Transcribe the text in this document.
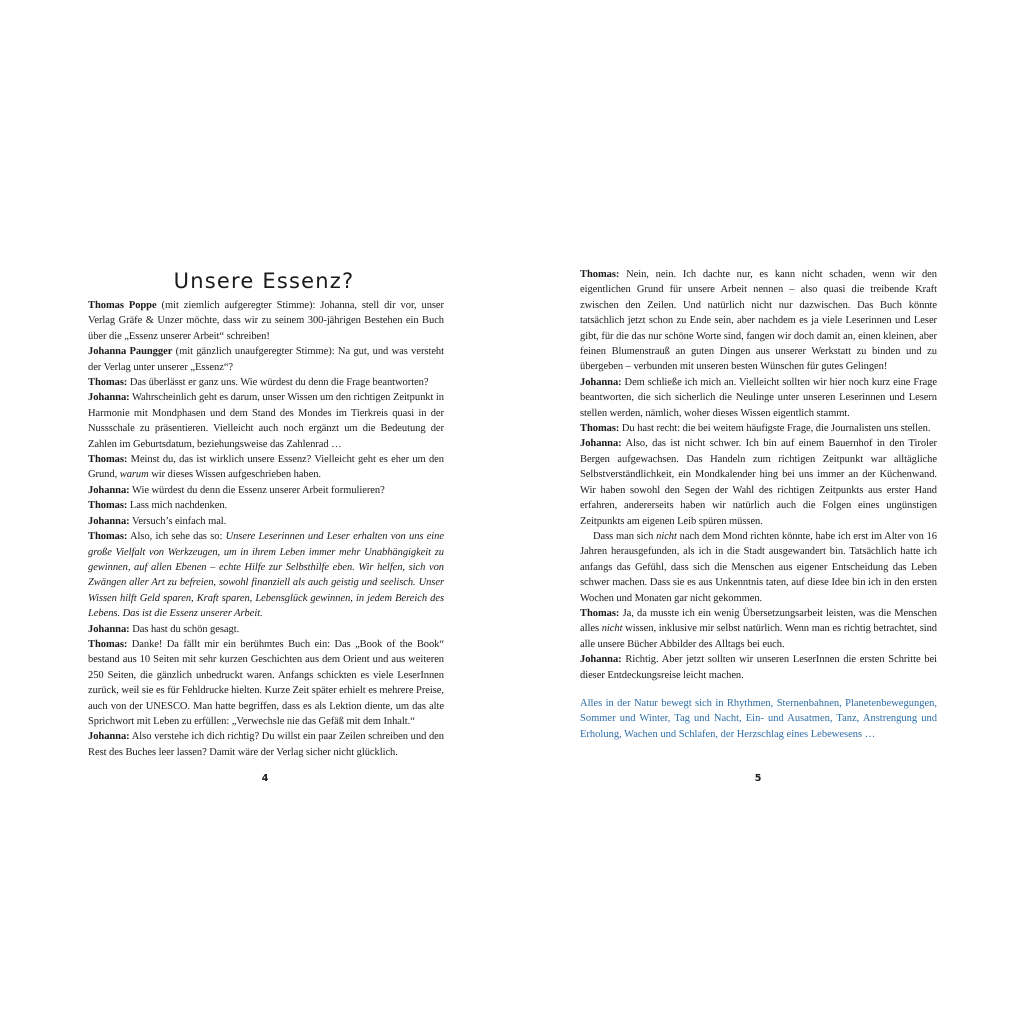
Unsere Essenz?

Thomas Poppe (mit ziemlich aufgeregter Stimme): Johanna, stell dir vor, unser Verlag Gräfe & Unzer möchte, dass wir zu seinem 300-jährigen Bestehen ein Buch über die „Essenz unserer Arbeit“ schreiben!

Johanna Paungger (mit gänzlich unaufgeregter Stimme): Na gut, und was versteht der Verlag unter unserer „Essenz“?

Thomas: Das überlässt er ganz uns. Wie würdest du denn die Frage beantworten?

Johanna: Wahrscheinlich geht es darum, unser Wissen um den richtigen Zeitpunkt in Harmonie mit Mondphasen und dem Stand des Mondes im Tierkreis quasi in der Nussschale zu präsentieren. Vielleicht auch noch ergänzt um die Bedeutung der Zahlen im Geburtsdatum, beziehungsweise das Zahlenrad …

Thomas: Meinst du, das ist wirklich unsere Essenz? Vielleicht geht es eher um den Grund, warum wir dieses Wissen aufgeschrieben haben.

Johanna: Wie würdest du denn die Essenz unserer Arbeit formulieren?

Thomas: Lass mich nachdenken.

Johanna: Versuch’s einfach mal.

Thomas: Also, ich sehe das so: Unsere Leserinnen und Leser erhalten von uns eine große Vielfalt von Werkzeugen, um in ihrem Leben immer mehr Unabhängigkeit zu gewinnen, auf allen Ebenen – echte Hilfe zur Selbsthilfe eben. Wir helfen, sich von Zwängen aller Art zu befreien, sowohl finanziell als auch geistig und seelisch. Unser Wissen hilft Geld sparen, Kraft sparen, Lebensglück gewinnen, in jedem Bereich des Lebens. Das ist die Essenz unserer Arbeit.

Johanna: Das hast du schön gesagt.

Thomas: Danke! Da fällt mir ein berühmtes Buch ein: Das „Book of the Book“ bestand aus 10 Seiten mit sehr kurzen Geschichten aus dem Orient und aus weiteren 250 Seiten, die gänzlich unbedruckt waren. Anfangs schickten es viele LeserInnen zurück, weil sie es für Fehldrucke hielten. Kurze Zeit später erhielt es mehrere Preise, auch von der UNESCO. Man hatte begriffen, dass es als Lektion diente, um das alte Sprichwort mit Leben zu erfüllen: „Verwechsle nie das Gefäß mit dem Inhalt.“

Johanna: Also verstehe ich dich richtig? Du willst ein paar Zeilen schreiben und den Rest des Buches leer lassen? Damit wäre der Verlag sicher nicht glücklich.

4

Thomas: Nein, nein. Ich dachte nur, es kann nicht schaden, wenn wir den eigentlichen Grund für unsere Arbeit nennen – also quasi die treibende Kraft zwischen den Zeilen. Und natürlich nicht nur dazwischen. Das Buch könnte tatsächlich jetzt schon zu Ende sein, aber nachdem es ja viele Leserinnen und Leser gibt, für die das nur schöne Worte sind, fangen wir doch damit an, einen kleinen, aber feinen Blumenstrauß an guten Dingen aus unserer Werkstatt zu binden und zu übergeben – verbunden mit unseren besten Wünschen für gutes Gelingen!

Johanna: Dem schließe ich mich an. Vielleicht sollten wir hier noch kurz eine Frage beantworten, die sich sicherlich die Neulinge unter unseren Leserinnen und Lesern stellen werden, nämlich, woher dieses Wissen eigentlich stammt.

Thomas: Du hast recht: die bei weitem häufigste Frage, die Journalisten uns stellen.

Johanna: Also, das ist nicht schwer. Ich bin auf einem Bauernhof in den Tiroler Bergen aufgewachsen. Das Handeln zum richtigen Zeitpunkt war alltägliche Selbstverständlichkeit, ein Mondkalender hing bei uns immer an der Küchenwand. Wir haben sowohl den Segen der Wahl des richtigen Zeitpunkts aus erster Hand erfahren, andererseits haben wir natürlich auch die Folgen eines ungünstigen Zeitpunkts am eigenen Leib spüren müssen.

Dass man sich nicht nach dem Mond richten könnte, habe ich erst im Alter von 16 Jahren herausgefunden, als ich in die Stadt ausgewandert bin. Tatsächlich hatte ich anfangs das Gefühl, dass sich die Menschen aus eigener Entscheidung das Leben schwer machen. Dass sie es aus Unkenntnis taten, auf diese Idee bin ich in den ersten Wochen und Monaten gar nicht gekommen.

Thomas: Ja, da musste ich ein wenig Übersetzungsarbeit leisten, was die Menschen alles nicht wissen, inklusive mir selbst natürlich. Wenn man es richtig betrachtet, sind alle unsere Bücher Abbilder des Alltags bei euch.

Johanna: Richtig. Aber jetzt sollten wir unseren LeserInnen die ersten Schritte bei dieser Entdeckungsreise leicht machen.

Alles in der Natur bewegt sich in Rhythmen, Sternenbahnen, Planetenbewegungen, Sommer und Winter, Tag und Nacht, Ein- und Ausatmen, Tanz, Anstrengung und Erholung, Wachen und Schlafen, der Herzschlag eines Lebewesens …

5
